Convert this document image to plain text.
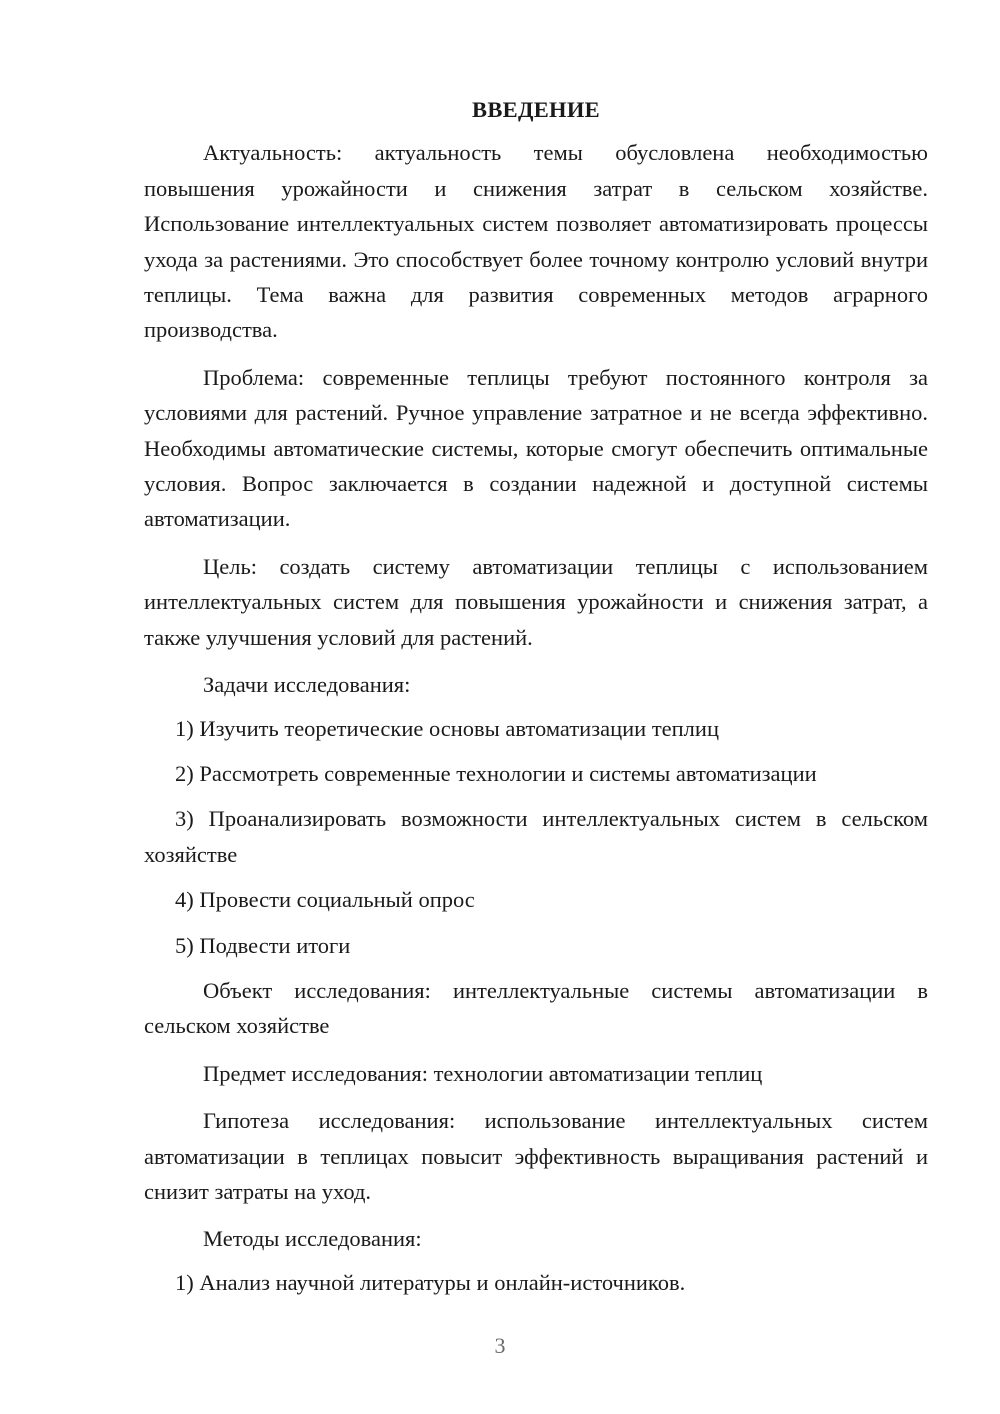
ВВЕДЕНИЕ

Актуальность: актуальность темы обусловлена необходимостью повышения урожайности и снижения затрат в сельском хозяйстве. Использование интеллектуальных систем позволяет автоматизировать процессы ухода за растениями. Это способствует более точному контролю условий внутри теплицы. Тема важна для развития современных методов аграрного производства.

Проблема: современные теплицы требуют постоянного контроля за условиями для растений. Ручное управление затратное и не всегда эффективно. Необходимы автоматические системы, которые смогут обеспечить оптимальные условия. Вопрос заключается в создании надежной и доступной системы автоматизации.

Цель: создать систему автоматизации теплицы с использованием интеллектуальных систем для повышения урожайности и снижения затрат, а также улучшения условий для растений.

Задачи исследования:

1) Изучить теоретические основы автоматизации теплиц

2) Рассмотреть современные технологии и системы автоматизации

3) Проанализировать возможности интеллектуальных систем в сельском хозяйстве

4) Провести социальный опрос

5) Подвести итоги

Объект исследования: интеллектуальные системы автоматизации в сельском хозяйстве

Предмет исследования: технологии автоматизации теплиц

Гипотеза исследования: использование интеллектуальных систем автоматизации в теплицах повысит эффективность выращивания растений и снизит затраты на уход.

Методы исследования:

1) Анализ научной литературы и онлайн-источников.

3
